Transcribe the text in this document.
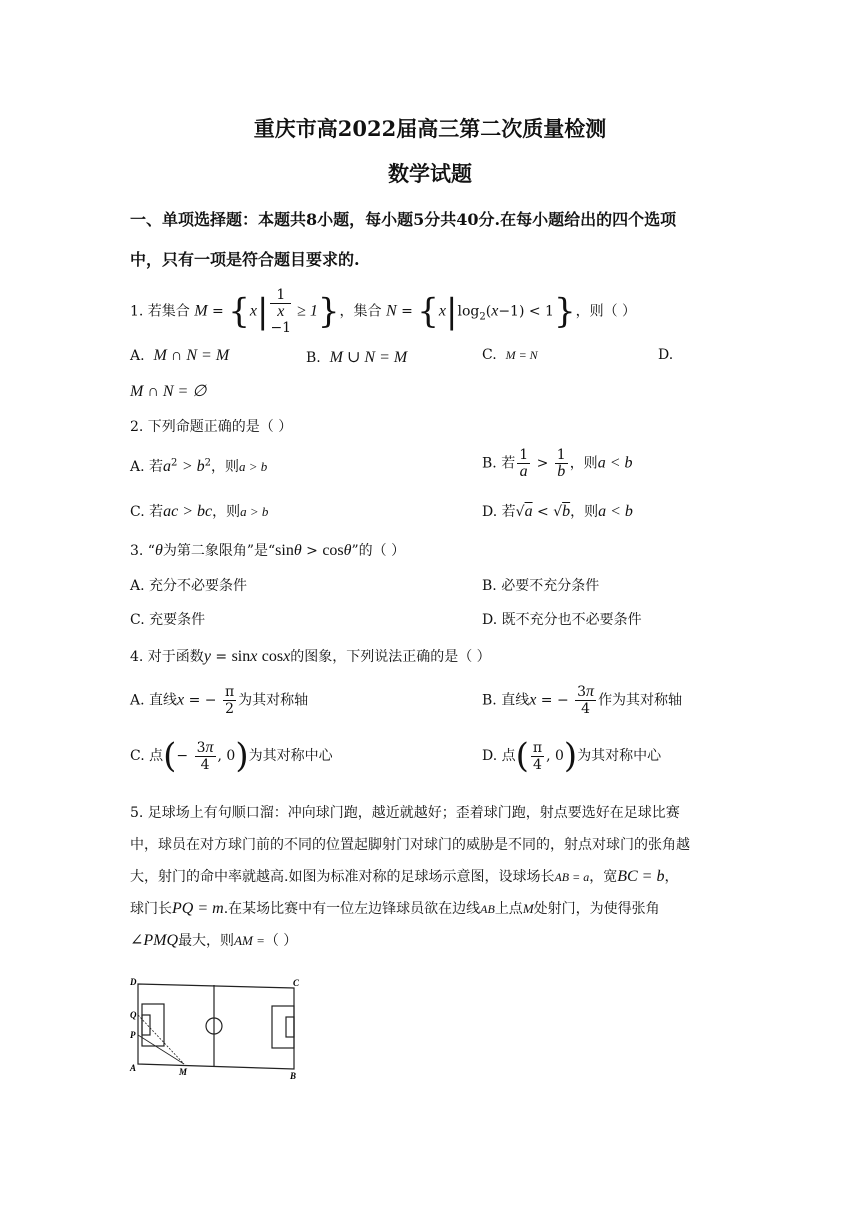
重庆市高2022届高三第二次质量检测
数学试题
一、单项选择题：本题共8小题，每小题5分共40分.在每小题给出的四个选项
中，只有一项是符合题目要求的.
1. 若集合 M = {x| 1
x
−1 ≥ 1}，集合 $N = \{x|\log_2(x-1) < 1\}$，则（ ）
A. M ∩ N = M	B. M ∪ N = M	C. M = N	D.
M ∩ N = ∅
2. 下列命题正确的是（ ）
A. 若$a^2 > b^2$，则a > b	B. 若 $\frac{1}{a} > \frac{1}{b}$ ，则a < b
C. 若ac > bc，则a > b	D. 若√a < √b，则a < b
3. “θ为第二象限角”是“sinθ > cosθ”的（ ）
A. 充分不必要条件	B. 必要不充分条件
C. 充要条件	D. 既不充分也不必要条件
4. 对于函数y = sinx cosx的图象，下列说法正确的是（ ）
A. 直线x = − $\frac{\pi}{2}$ 为其对称轴	B. 直线x = − $\frac{3\pi}{4}$ 作为其对称轴
C. 点(− $\frac{3\pi}{4}$ , 0)为其对称中心	D. 点( $\frac{\pi}{4}$ , 0)为其对称中心
5. 足球场上有句顺口溜：冲向球门跑，越近就越好；歪着球门跑，射点要选好在足球比赛
中，球员在对方球门前的不同的位置起脚射门对球门的威胁是不同的，射点对球门的张角越
大，射门的命中率就越高.如图为标准对称的足球场示意图，设球场长AB = a，宽BC = b，
球门长PQ = m.在某场比赛中有一位左边锋球员欲在边线AB上点M处射门，为使得张角
∠PMQ最大，则AM =（ ）
D	C
Q
P
A	M	B
